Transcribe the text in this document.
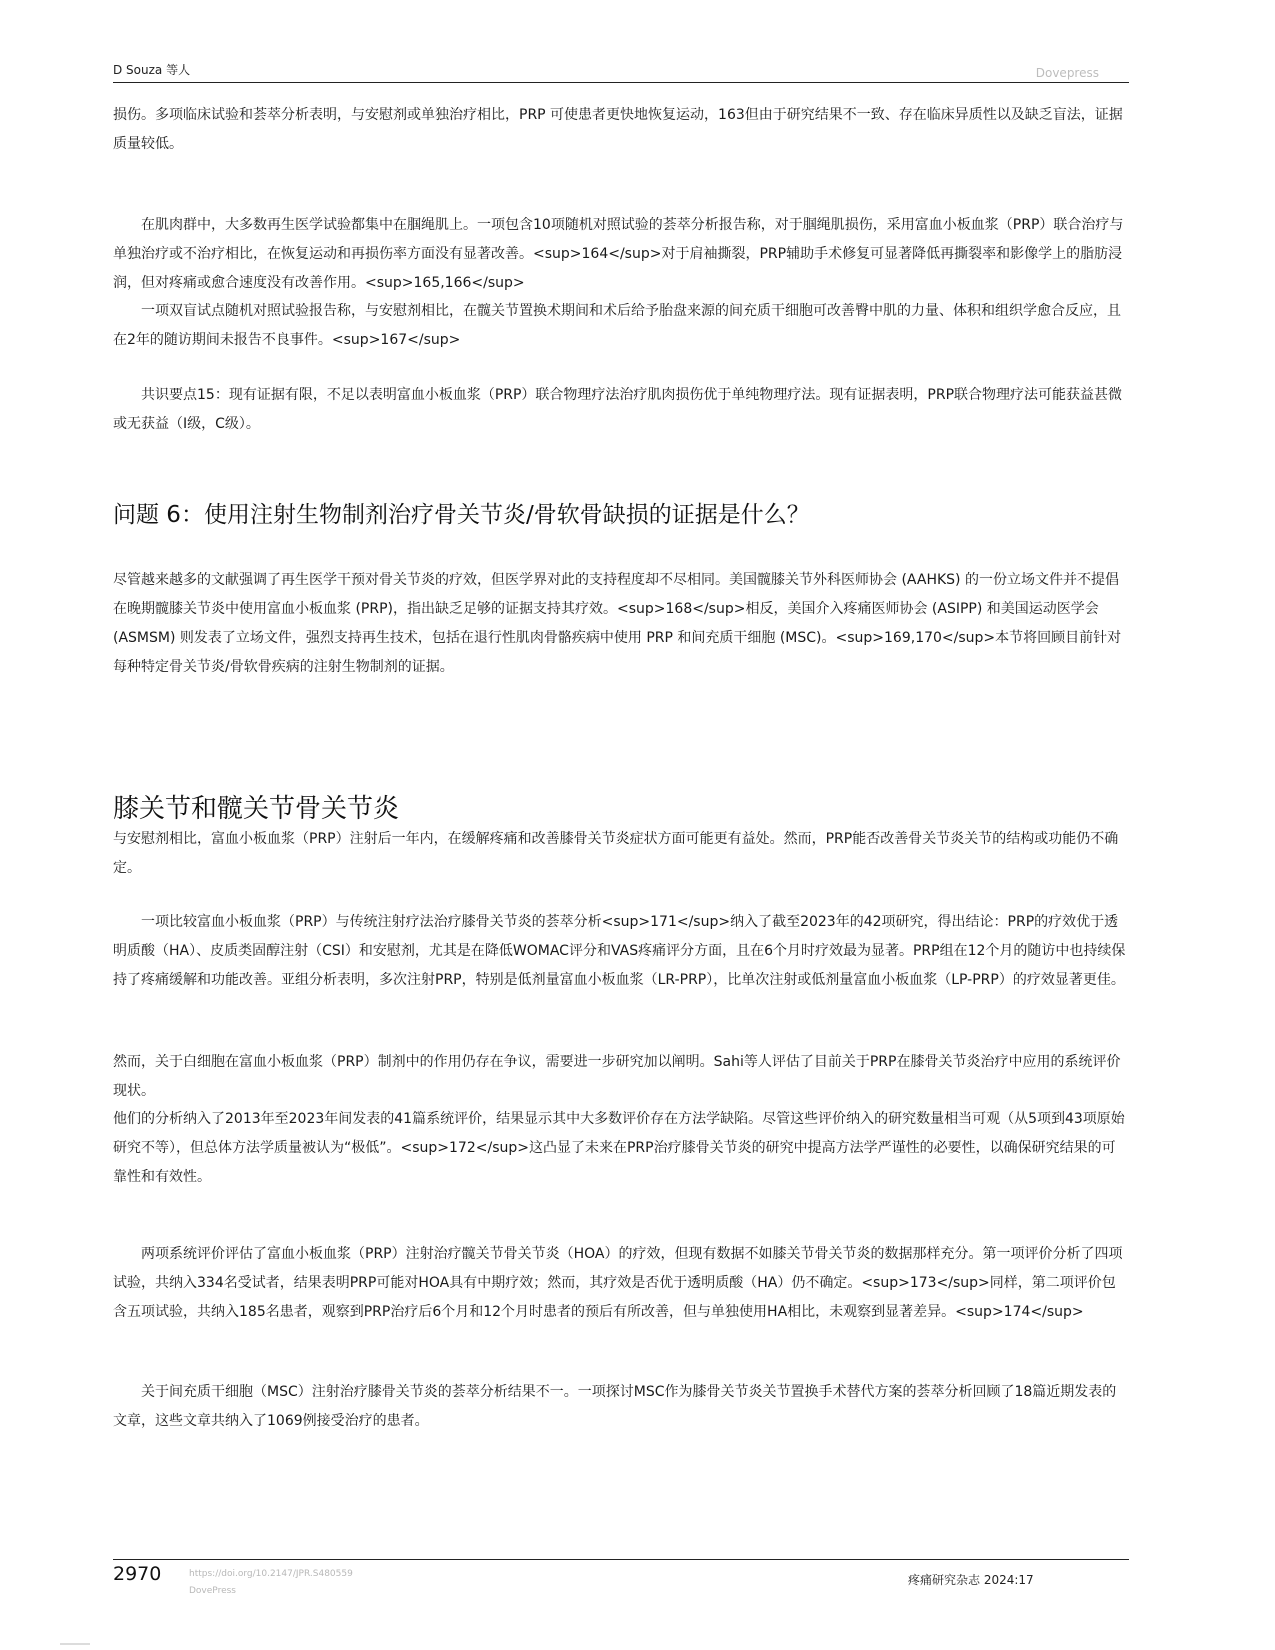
D Souza 等人	Dovepress

损伤。多项临床试验和荟萃分析表明，与安慰剂或单独治疗相比，PRP 可使患者更快地恢复运动，163但由于研究结果不一致、存在临床异质性以及缺乏盲法，证据质量较低。

在肌肉群中，大多数再生医学试验都集中在腘绳肌上。一项包含10项随机对照试验的荟萃分析报告称，对于腘绳肌损伤，采用富血小板血浆（PRP）联合治疗与单独治疗或不治疗相比，在恢复运动和再损伤率方面没有显著改善。<sup>164</sup>对于肩袖撕裂，PRP辅助手术修复可显著降低再撕裂率和影像学上的脂肪浸润，但对疼痛或愈合速度没有改善作用。<sup>165,166</sup>

一项双盲试点随机对照试验报告称，与安慰剂相比，在髋关节置换术期间和术后给予胎盘来源的间充质干细胞可改善臀中肌的力量、体积和组织学愈合反应，且在2年的随访期间未报告不良事件。<sup>167</sup>

共识要点15：现有证据有限，不足以表明富血小板血浆（PRP）联合物理疗法治疗肌肉损伤优于单纯物理疗法。现有证据表明，PRP联合物理疗法可能获益甚微或无获益（I级，C级）。

问题 6：使用注射生物制剂治疗骨关节炎/骨软骨缺损的证据是什么？

尽管越来越多的文献强调了再生医学干预对骨关节炎的疗效，但医学界对此的支持程度却不尽相同。美国髋膝关节外科医师协会 (AAHKS) 的一份立场文件并不提倡在晚期髋膝关节炎中使用富血小板血浆 (PRP)，指出缺乏足够的证据支持其疗效。<sup>168</sup>相反，美国介入疼痛医师协会 (ASIPP) 和美国运动医学会 (ASMSM) 则发表了立场文件，强烈支持再生技术，包括在退行性肌肉骨骼疾病中使用 PRP 和间充质干细胞 (MSC)。<sup>169,170</sup>本节将回顾目前针对每种特定骨关节炎/骨软骨疾病的注射生物制剂的证据。

膝关节和髋关节骨关节炎

与安慰剂相比，富血小板血浆（PRP）注射后一年内，在缓解疼痛和改善膝骨关节炎症状方面可能更有益处。然而，PRP能否改善骨关节炎关节的结构或功能仍不确定。

一项比较富血小板血浆（PRP）与传统注射疗法治疗膝骨关节炎的荟萃分析<sup>171</sup>纳入了截至2023年的42项研究，得出结论：PRP的疗效优于透明质酸（HA）、皮质类固醇注射（CSI）和安慰剂，尤其是在降低WOMAC评分和VAS疼痛评分方面，且在6个月时疗效最为显著。PRP组在12个月的随访中也持续保持了疼痛缓解和功能改善。亚组分析表明，多次注射PRP，特别是低剂量富血小板血浆（LR-PRP），比单次注射或低剂量富血小板血浆（LP-PRP）的疗效显著更佳。

然而，关于白细胞在富血小板血浆（PRP）制剂中的作用仍存在争议，需要进一步研究加以阐明。Sahi等人评估了目前关于PRP在膝骨关节炎治疗中应用的系统评价现状。

他们的分析纳入了2013年至2023年间发表的41篇系统评价，结果显示其中大多数评价存在方法学缺陷。尽管这些评价纳入的研究数量相当可观（从5项到43项原始研究不等），但总体方法学质量被认为“极低”。<sup>172</sup>这凸显了未来在PRP治疗膝骨关节炎的研究中提高方法学严谨性的必要性，以确保研究结果的可靠性和有效性。

两项系统评价评估了富血小板血浆（PRP）注射治疗髋关节骨关节炎（HOA）的疗效，但现有数据不如膝关节骨关节炎的数据那样充分。第一项评价分析了四项试验，共纳入334名受试者，结果表明PRP可能对HOA具有中期疗效；然而，其疗效是否优于透明质酸（HA）仍不确定。<sup>173</sup>同样，第二项评价包含五项试验，共纳入185名患者，观察到PRP治疗后6个月和12个月时患者的预后有所改善，但与单独使用HA相比，未观察到显著差异。<sup>174</sup>

关于间充质干细胞（MSC）注射治疗膝骨关节炎的荟萃分析结果不一。一项探讨MSC作为膝骨关节炎关节置换手术替代方案的荟萃分析回顾了18篇近期发表的文章，这些文章共纳入了1069例接受治疗的患者。

2970	https://doi.org/10.2147/JPR.S480559
DovePress
疼痛研究杂志 2024:17
